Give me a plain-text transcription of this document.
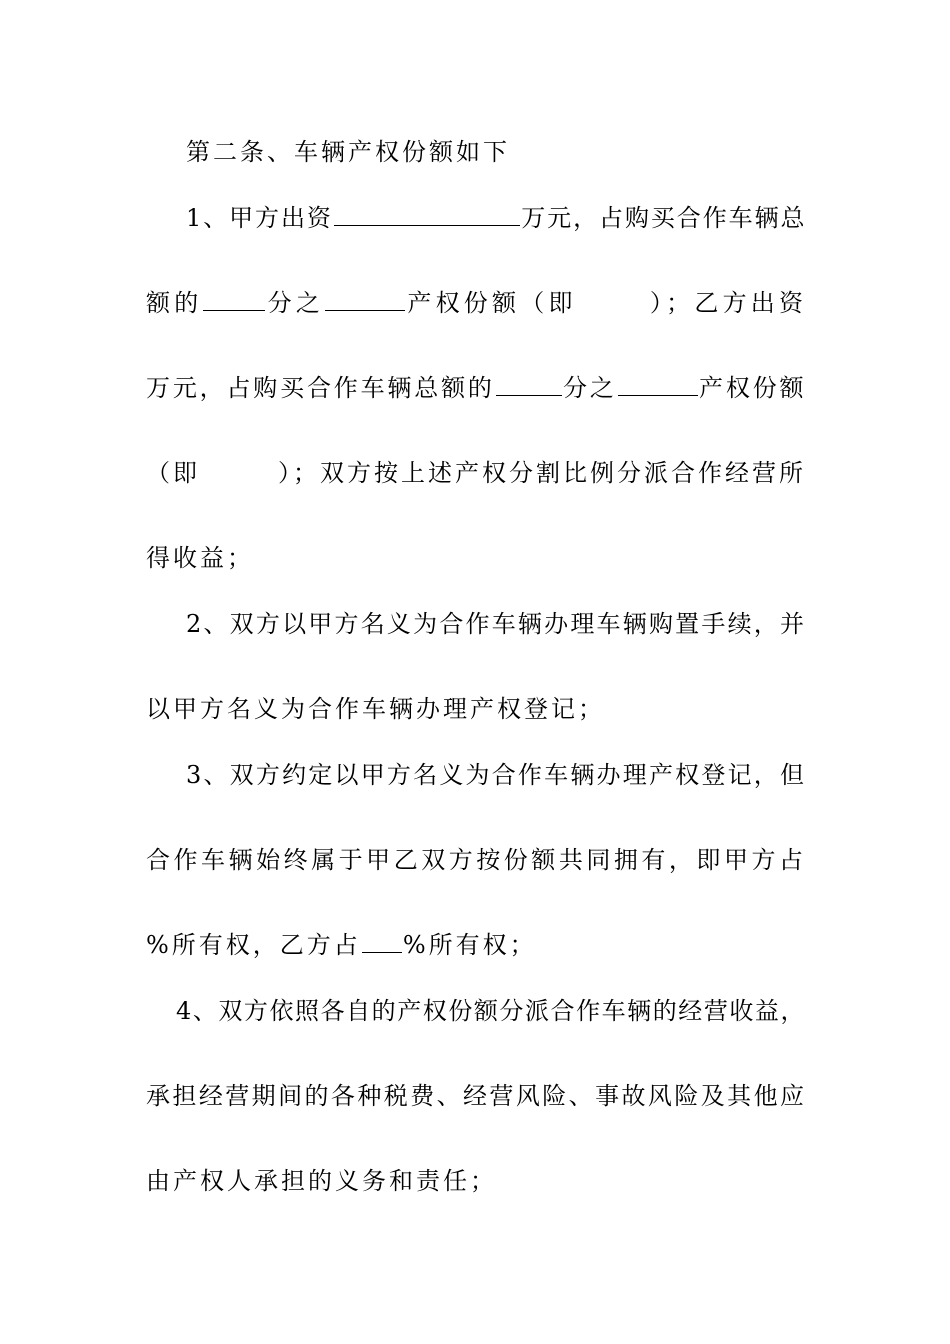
第二条、车辆产权份额如下
1、甲方出资	万元，占购买合作车辆总
额的	分之	产权份额（即	）；乙方出资
万元，占购买合作车辆总额的	分之	产权份额
（即	）；双方按上述产权分割比例分派合作经营所
得收益；
2、双方以甲方名义为合作车辆办理车辆购置手续，并
以甲方名义为合作车辆办理产权登记；
3、双方约定以甲方名义为合作车辆办理产权登记，但
合作车辆始终属于甲乙双方按份额共同拥有，即甲方占
%所有权，乙方占 %所有权；
4、双方依照各自的产权份额分派合作车辆的经营收益，
承担经营期间的各种税费、经营风险、事故风险及其他应
由产权人承担的义务和责任；
